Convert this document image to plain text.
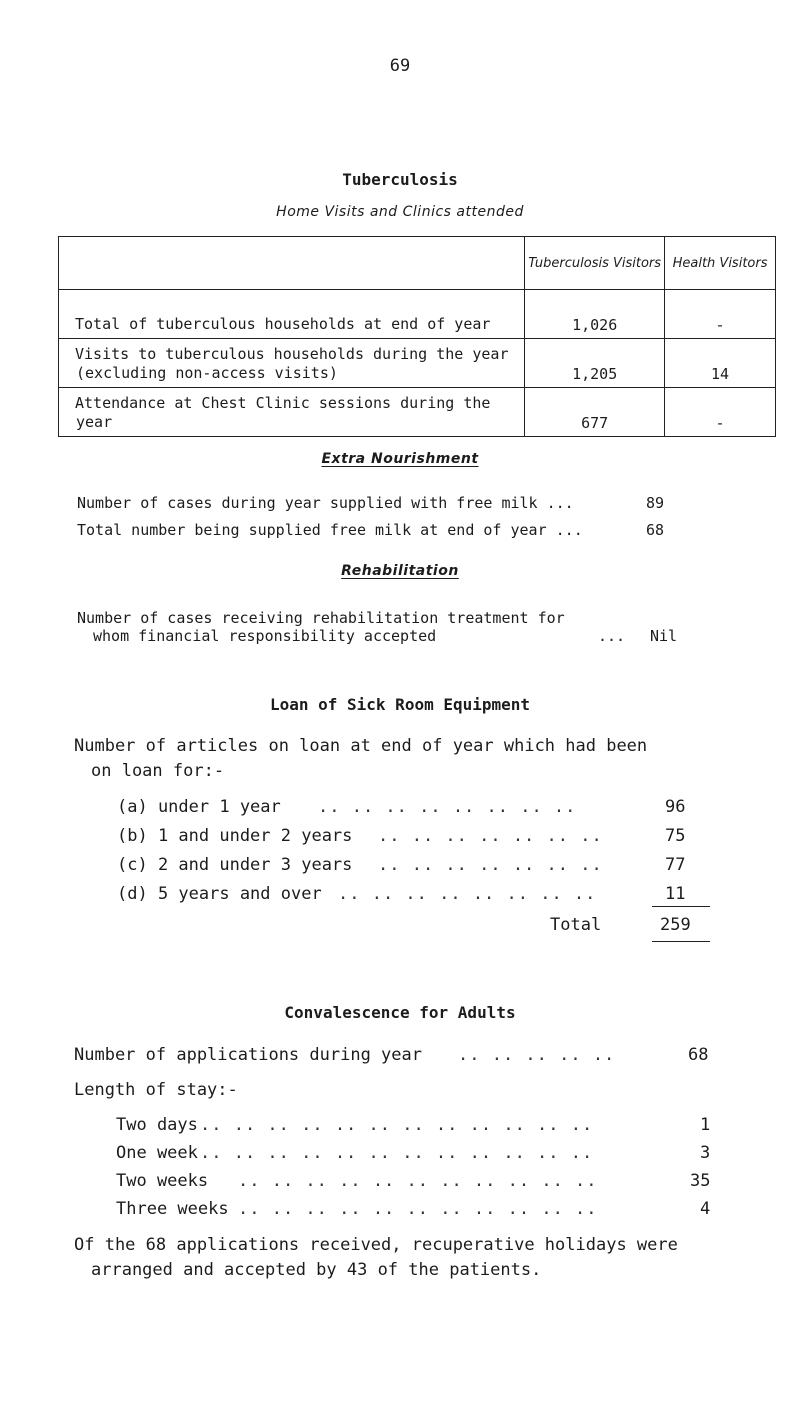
69
Tuberculosis
Home Visits and Clinics attended
	Tuberculosis Visitors	Health Visitors
Total of tuberculous households at end of year	1,026	-
Visits to tuberculous households during the year (excluding non-access visits)	1,205	14
Attendance at Chest Clinic sessions during the year	677	-
Extra Nourishment
Number of cases during year supplied with free milk ...	89
Total number being supplied free milk at end of year ...	68
Rehabilitation
Number of cases receiving rehabilitation treatment for
whom financial responsibility accepted	... Nil
Loan of Sick Room Equipment
Number of articles on loan at end of year which had been
on loan for:-
(a) under 1 year .. .. .. .. .. .. .. ..	96
(b) 1 and under 2 years .. .. .. .. .. .. ..	75
(c) 2 and under 3 years .. .. .. .. .. .. ..	77
(d) 5 years and over .. .. .. .. .. .. .. ..	11
Total	259
Convalescence for Adults
Number of applications during year .. .. .. .. ..	68
Length of stay:-
Two days .. .. .. .. .. .. .. .. .. .. .. ..	1
One week .. .. .. .. .. .. .. .. .. .. .. ..	3
Two weeks .. .. .. .. .. .. .. .. .. .. ..	35
Three weeks .. .. .. .. .. .. .. .. .. .. ..	4
Of the 68 applications received, recuperative holidays were
arranged and accepted by 43 of the patients.
